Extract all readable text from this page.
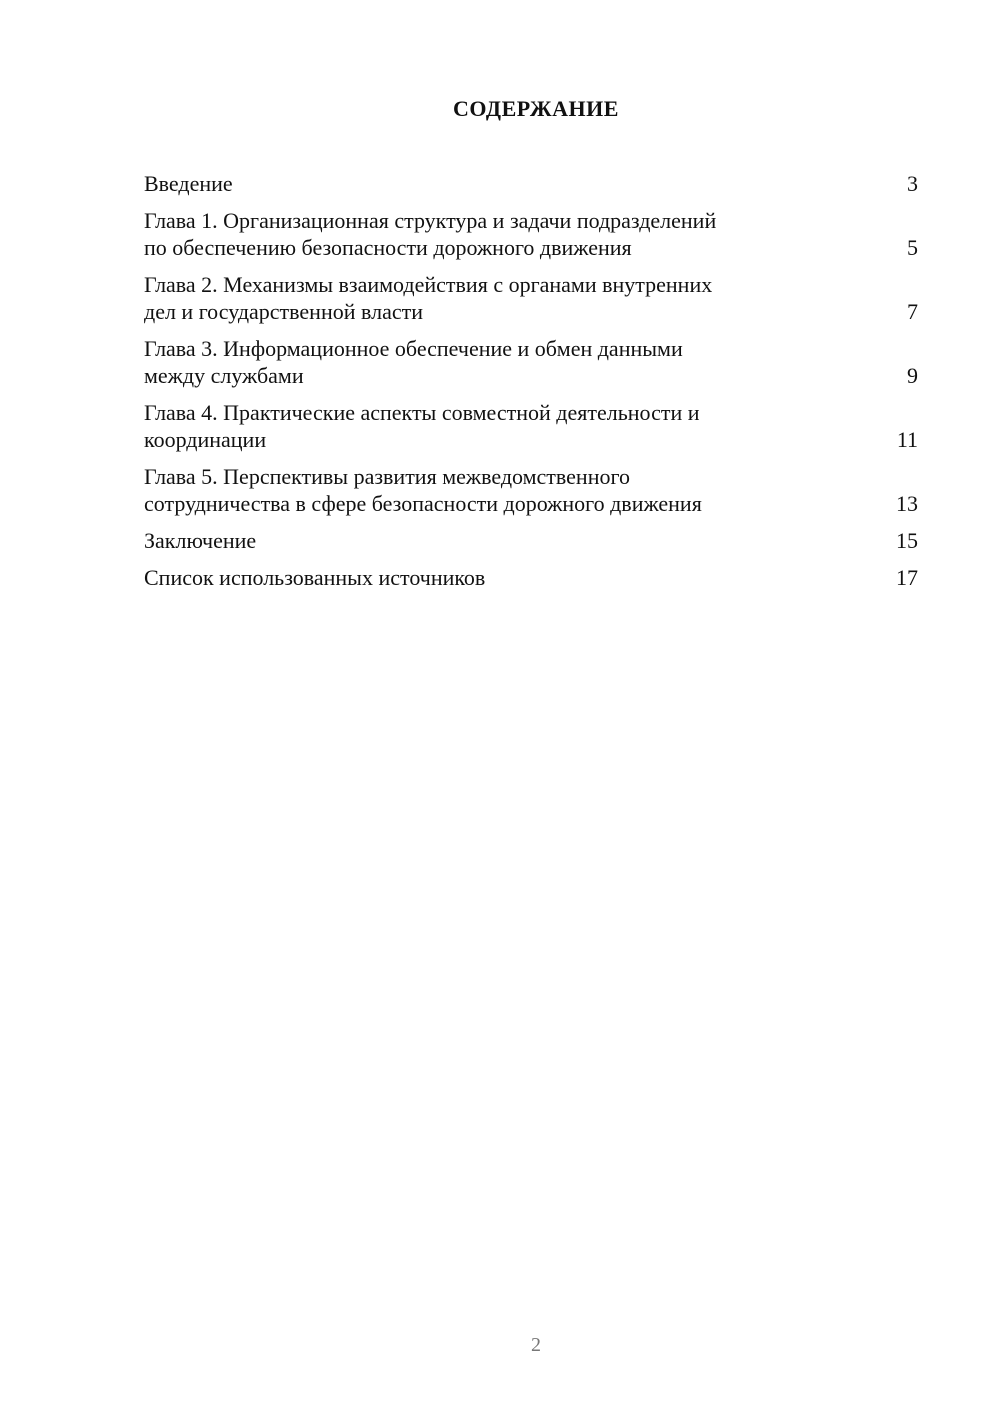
СОДЕРЖАНИЕ

Введение	3

Глава 1. Организационная структура и задачи подразделений
по обеспечению безопасности дорожного движения	5

Глава 2. Механизмы взаимодействия с органами внутренних
дел и государственной власти	7

Глава 3. Информационное обеспечение и обмен данными
между службами	9

Глава 4. Практические аспекты совместной деятельности и
координации	11

Глава 5. Перспективы развития межведомственного
сотрудничества в сфере безопасности дорожного движения	13

Заключение	15

Список использованных источников	17
2
